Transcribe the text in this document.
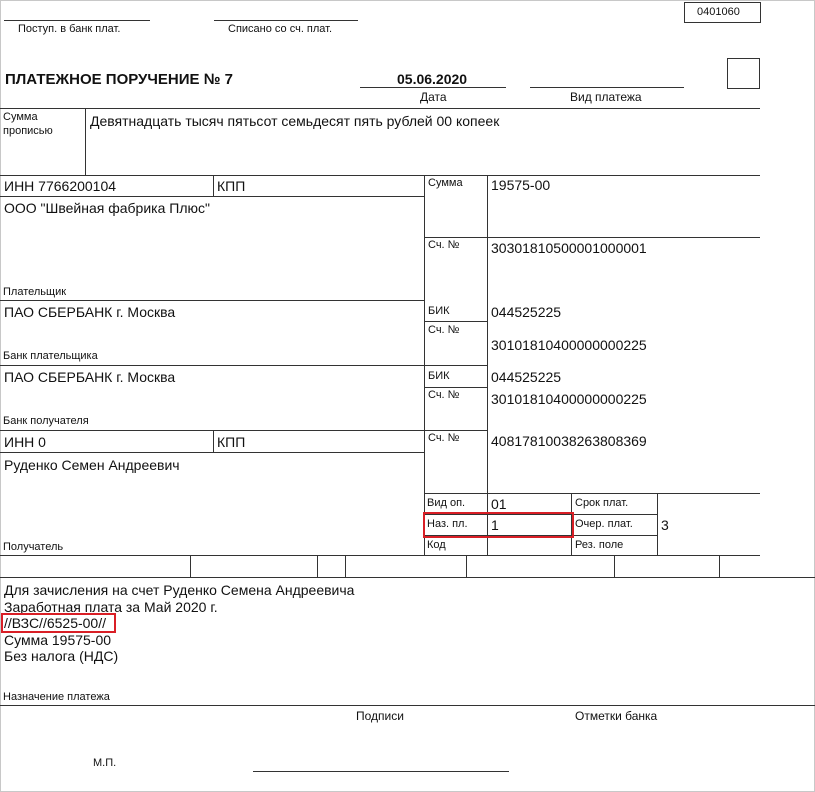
0401060
Поступ. в банк плат.	Списано со сч. плат.
ПЛАТЕЖНОЕ ПОРУЧЕНИЕ № 7	05.06.2020
Дата	Вид платежа
Сумма
прописью
Девятнадцать тысяч пятьсот семьдесят пять рублей 00 копеек
ИНН 7766200104	КПП
ООО "Швейная фабрика Плюс"
Плательщик
ПАО СБЕРБАНК г. Москва
Банк плательщика
ПАО СБЕРБАНК г. Москва
Банк получателя
ИНН 0	КПП
Руденко Семен Андреевич
Получатель
Сумма 19575-00
Сч. № 30301810500001000001
БИК	044525225
Сч. №
30101810400000000225
БИК	044525225
Сч. № 30101810400000000225
Сч. № 40817810038263808369
Вид оп. 01
Наз. пл. 1
Код
Срок плат.
Очер. плат. 3
Рез. поле
Для зачисления на счет Руденко Семена Андреевича
Заработная плата за Май 2020 г.
//ВЗС//6525-00//
Сумма 19575-00
Без налога (НДС)
Назначение платежа
Подписи	Отметки банка
М.П.
